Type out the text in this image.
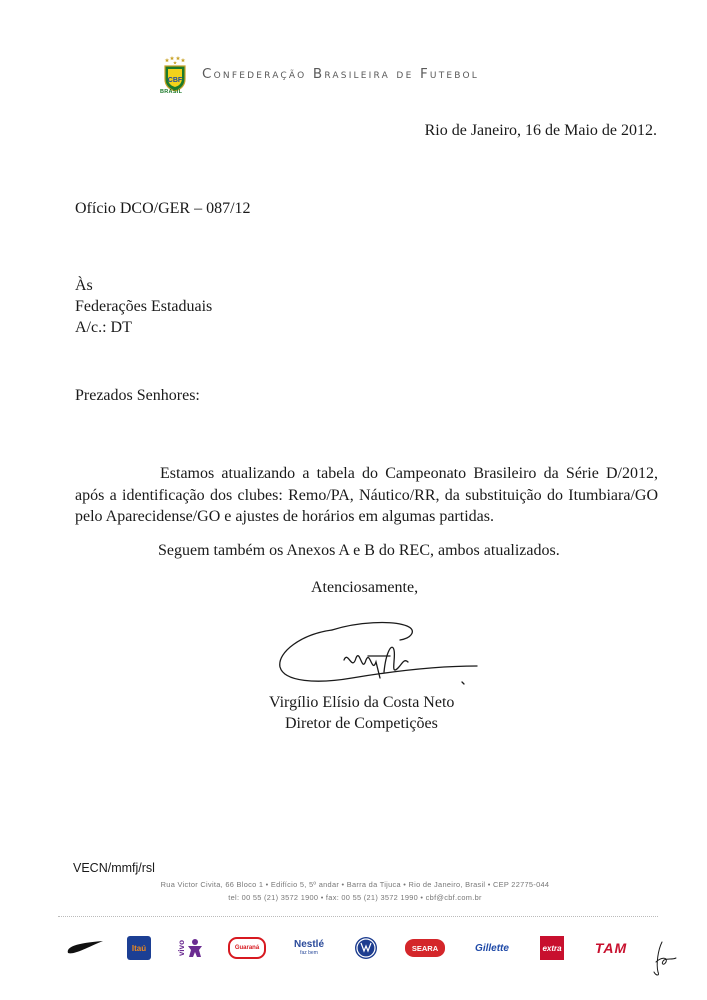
CBF
BRASIL
Confederação Brasileira de Futebol
Rio de Janeiro, 16 de Maio de 2012.
Ofício DCO/GER – 087/12
Às
Federações Estaduais
A/c.: DT
Prezados Senhores:

Estamos atualizando a tabela do Campeonato Brasileiro da Série D/2012, após a identificação dos clubes: Remo/PA, Náutico/RR, da substituição do Itumbiara/GO pelo Aparecidense/GO e ajustes de horários em algumas partidas.

Seguem também os Anexos A e B do REC, ambos atualizados.
Atenciosamente,
Virgílio Elísio da Costa Neto
Diretor de Competições
VECN/mmfj/rsl
Rua Victor Civita, 66 Bloco 1 • Edifício 5, 5º andar • Barra da Tijuca • Rio de Janeiro, Brasil • CEP 22775-044
tel: 00 55 (21) 3572 1900 • fax: 00 55 (21) 3572 1990 • cbf@cbf.com.br
Itaú	vivo	Guaraná	Nestlé
faz bem	SEARA	Gillette	extra TAM
